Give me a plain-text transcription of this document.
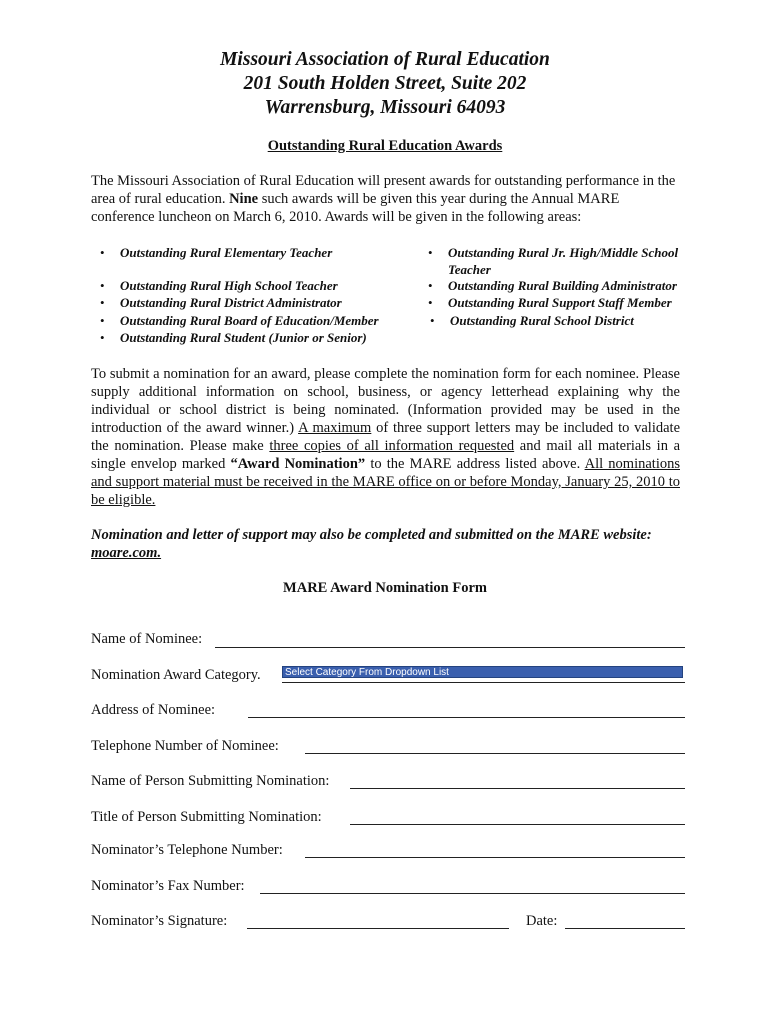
Missouri Association of Rural Education
201 South Holden Street, Suite 202
Warrensburg, Missouri 64093
Outstanding Rural Education Awards
The Missouri Association of Rural Education will present awards for outstanding performance in the area of rural education. Nine such awards will be given this year during the Annual MARE conference luncheon on March 6, 2010. Awards will be given in the following areas:
• Outstanding Rural Elementary Teacher
• Outstanding Rural High School Teacher
• Outstanding Rural District Administrator
• Outstanding Rural Board of Education/Member
• Outstanding Rural Student (Junior or Senior)
• Outstanding Rural Jr. High/Middle School Teacher
• Outstanding Rural Building Administrator
• Outstanding Rural Support Staff Member
• Outstanding Rural School District
To submit a nomination for an award, please complete the nomination form for each nominee. Please supply additional information on school, business, or agency letterhead explaining why the individual or school district is being nominated. (Information provided may be used in the introduction of the award winner.) A maximum of three support letters may be included to validate the nomination. Please make three copies of all information requested and mail all materials in a single envelop marked “Award Nomination” to the MARE address listed above. All nominations and support material must be received in the MARE office on or before Monday, January 25, 2010 to be eligible.
Nomination and letter of support may also be completed and submitted on the MARE website: moare.com.
MARE Award Nomination Form
Name of Nominee:
Nomination Award Category.	Select Category From Dropdown List
Address of Nominee:
Telephone Number of Nominee:
Name of Person Submitting Nomination:
Title of Person Submitting Nomination:
Nominator’s Telephone Number:
Nominator’s Fax Number:
Nominator’s Signature:	Date:
